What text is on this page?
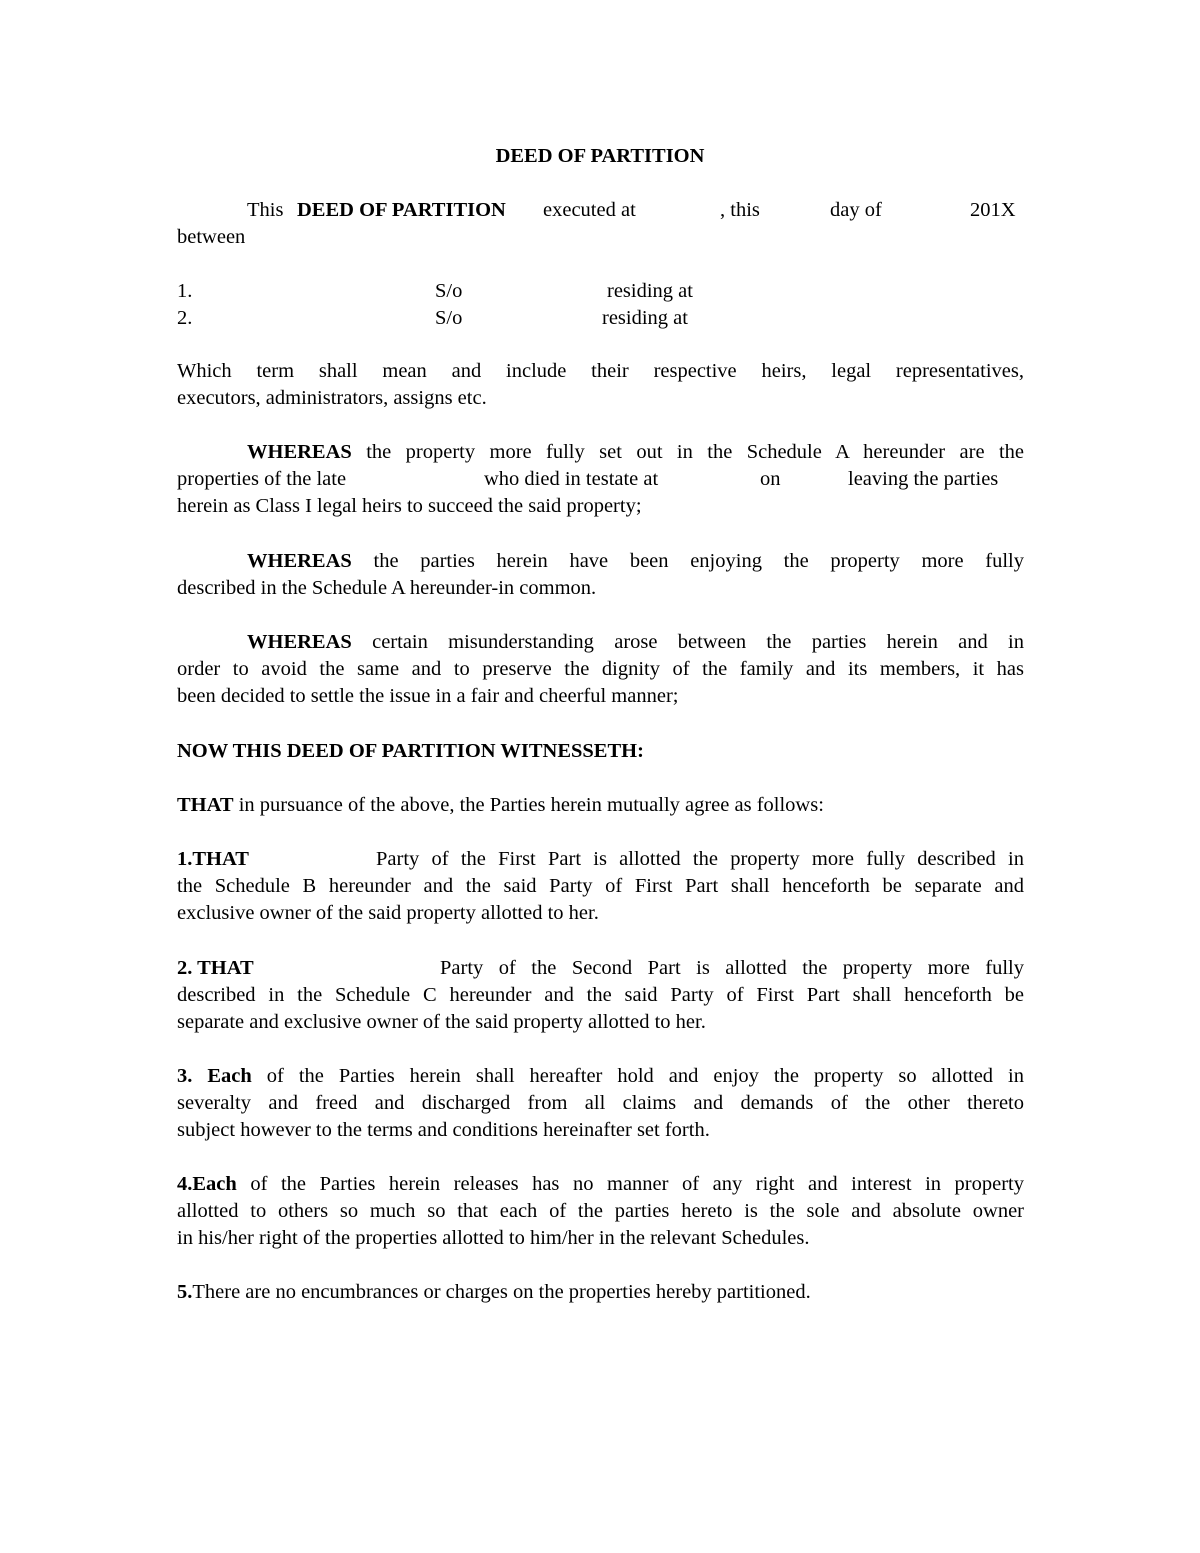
DEED OF PARTITION
This DEED OF PARTITION executed at	, this	day of	201X
between
1.	S/o	residing at
2.	S/o	residing at
Which term shall mean and include their respective heirs, legal representatives,
executors, administrators, assigns etc.
WHEREAS the property more fully set out in the Schedule A hereunder are the
properties of the late	who died in testate at	on	leaving the parties
herein as Class I legal heirs to succeed the said property;
WHEREAS the parties herein have been enjoying the property more fully
described in the Schedule A hereunder-in common.
WHEREAS certain misunderstanding arose between the parties herein and in
order to avoid the same and to preserve the dignity of the family and its members, it has
been decided to settle the issue in a fair and cheerful manner;
NOW THIS DEED OF PARTITION WITNESSETH:
THAT in pursuance of the above, the Parties herein mutually agree as follows:
1.THAT	Party of the First Part is allotted the property more fully described in
the Schedule B hereunder and the said Party of First Part shall henceforth be separate and
exclusive owner of the said property allotted to her.
2. THAT	Party of the Second Part is allotted the property more fully
described in the Schedule C hereunder and the said Party of First Part shall henceforth be
separate and exclusive owner of the said property allotted to her.
3. Each of the Parties herein shall hereafter hold and enjoy the property so allotted in
severalty and freed and discharged from all claims and demands of the other thereto
subject however to the terms and conditions hereinafter set forth.
4.Each of the Parties herein releases has no manner of any right and interest in property
allotted to others so much so that each of the parties hereto is the sole and absolute owner
in his/her right of the properties allotted to him/her in the relevant Schedules.
5.There are no encumbrances or charges on the properties hereby partitioned.
